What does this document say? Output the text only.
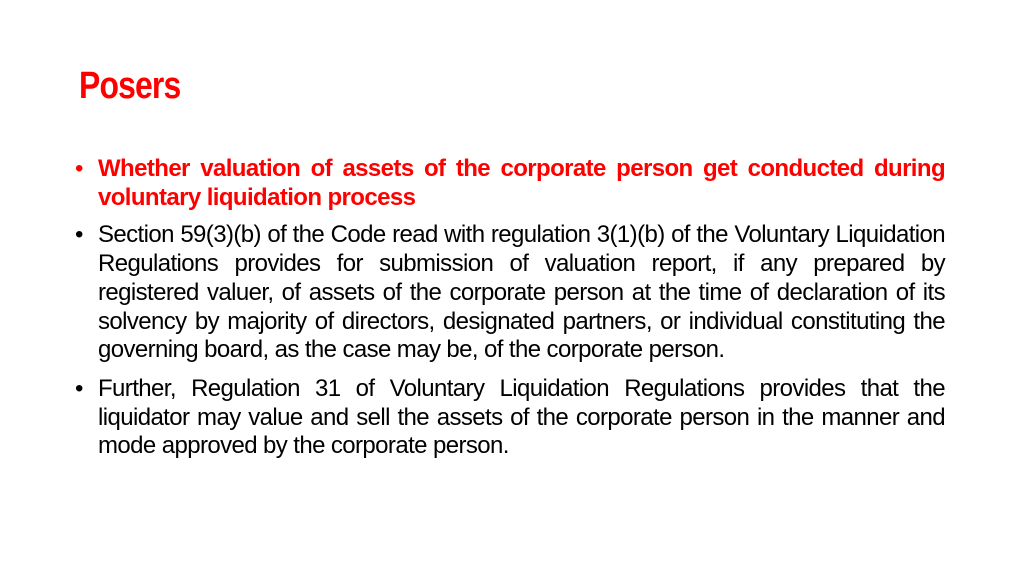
Posers
• Whether valuation of assets of the corporate person get conducted during voluntary liquidation process
• Section 59(3)(b) of the Code read with regulation 3(1)(b) of the Voluntary Liquidation Regulations provides for submission of valuation report, if any prepared by registered valuer, of assets of the corporate person at the time of declaration of its solvency by majority of directors, designated partners, or individual constituting the governing board, as the case may be, of the corporate person.
• Further, Regulation 31 of Voluntary Liquidation Regulations provides that the liquidator may value and sell the assets of the corporate person in the manner and mode approved by the corporate person.
